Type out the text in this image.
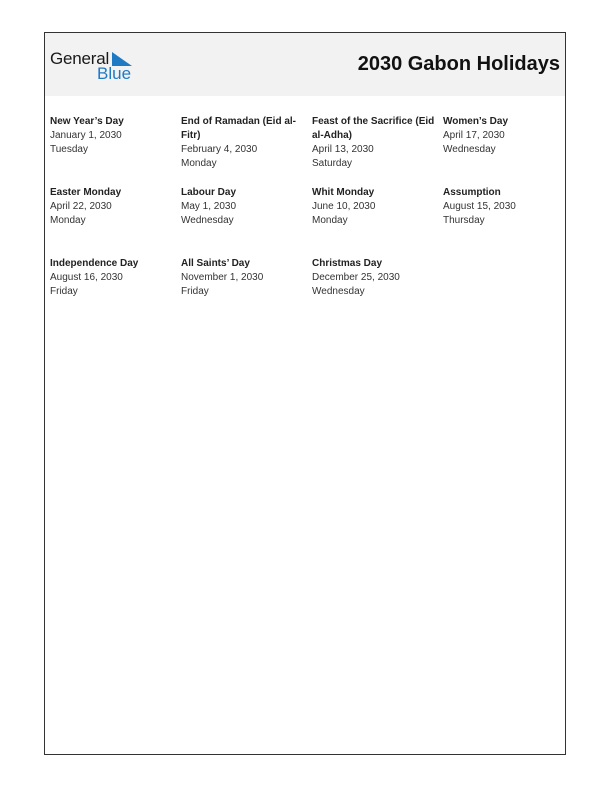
General
Blue	2030 Gabon Holidays
New Year’s Day
January 1, 2030
Tuesday
End of Ramadan (Eid al-Fitr)
February 4, 2030
Monday
Feast of the Sacrifice (Eid al-Adha)
April 13, 2030
Saturday
Women’s Day
April 17, 2030
Wednesday
Easter Monday
April 22, 2030
Monday
Labour Day
May 1, 2030
Wednesday
Whit Monday
June 10, 2030
Monday
Assumption
August 15, 2030
Thursday
Independence Day
August 16, 2030
Friday
All Saints’ Day
November 1, 2030
Friday
Christmas Day
December 25, 2030
Wednesday
